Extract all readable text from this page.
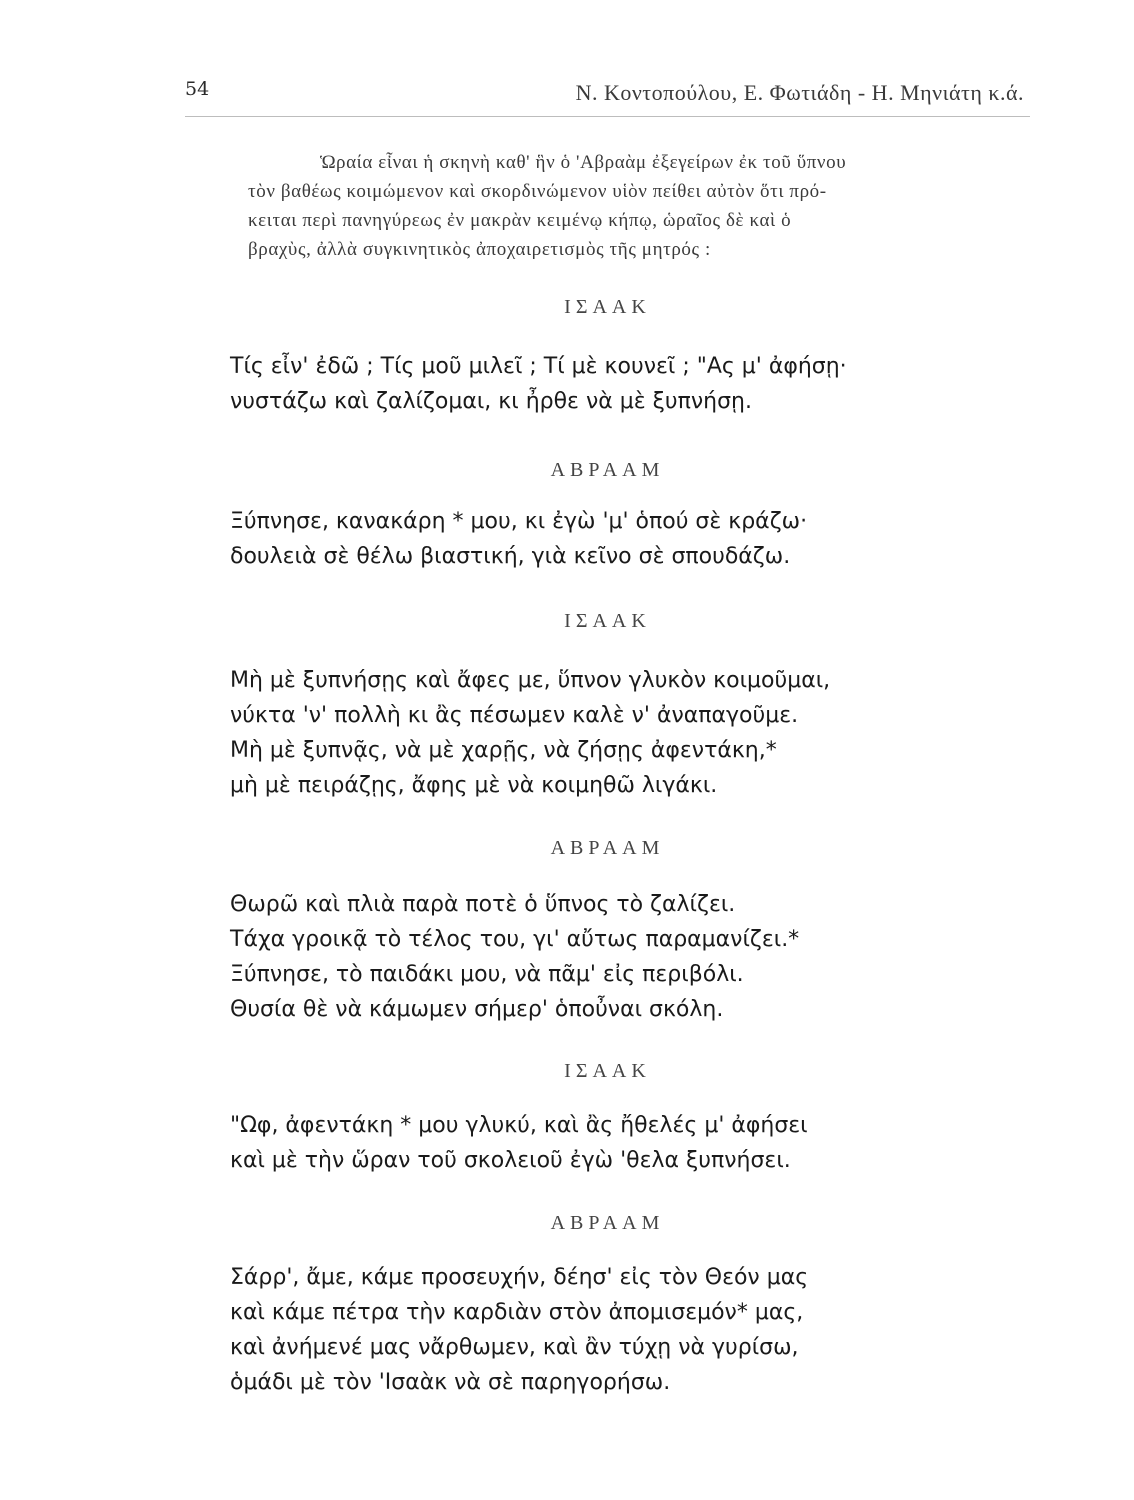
54	Ν. Κοντοπούλου, Ε. Φωτιάδη - Η. Μηνιάτη κ.ά.
Ὡραία εἶναι ἡ σκηνὴ καθ' ἣν ὁ 'Αβραὰμ ἐξεγείρων ἐκ τοῦ ὕπνου
τὸν βαθέως κοιμώμενον καὶ σκορδινώμενον υἱὸν πείθει αὐτὸν ὅτι πρό-
κειται περὶ πανηγύρεως ἐν μακρὰν κειμένῳ κήπῳ, ὡραῖος δὲ καὶ ὁ
βραχὺς, ἀλλὰ συγκινητικὸς ἀποχαιρετισμὸς τῆς μητρός :
ΙΣΑΑΚ
Τίς εἶν' ἐδῶ ; Τίς μοῦ μιλεῖ ; Τί μὲ κουνεῖ ; "Ας μ' ἀφήσῃ·
νυστάζω καὶ ζαλίζομαι, κι ἦρθε νὰ μὲ ξυπνήσῃ.
ΑΒΡΑΑΜ
Ξύπνησε, κανακάρη * μου, κι ἐγὼ 'μ' ὁπού σὲ κράζω·
δουλειὰ σὲ θέλω βιαστική, γιὰ κεῖνο σὲ σπουδάζω.
ΙΣΑΑΚ
Μὴ μὲ ξυπνήσῃς καὶ ἄφες με, ὕπνον γλυκὸν κοιμοῦμαι,
νύκτα 'ν' πολλὴ κι ἂς πέσωμεν καλὲ ν' ἀναπαγοῦμε.
Μὴ μὲ ξυπνᾷς, νὰ μὲ χαρῇς, νὰ ζήσῃς ἀφεντάκη,*
μὴ μὲ πειράζῃς, ἄφης μὲ νὰ κοιμηθῶ λιγάκι.
ΑΒΡΑΑΜ
Θωρῶ καὶ πλιὰ παρὰ ποτὲ ὁ ὕπνος τὸ ζαλίζει.
Τάχα γροικᾷ τὸ τέλος του, γι' αὔτως παραμανίζει.*
Ξύπνησε, τὸ παιδάκι μου, νὰ πᾶμ' εἰς περιβόλι.
Θυσία θὲ νὰ κάμωμεν σήμερ' ὁποὖναι σκόλη.
ΙΣΑΑΚ
"Ωφ, ἀφεντάκη * μου γλυκύ, καὶ ἂς ἤθελές μ' ἀφήσει
καὶ μὲ τὴν ὥραν τοῦ σκολειοῦ ἐγὼ 'θελα ξυπνήσει.
ΑΒΡΑΑΜ
Σάρρ', ἄμε, κάμε προσευχήν, δέησ' εἰς τὸν Θεόν μας
καὶ κάμε πέτρα τὴν καρδιὰν στὸν ἀπομισεμόν* μας,
καὶ ἀνήμενέ μας νἄρθωμεν, καὶ ἂν τύχῃ νὰ γυρίσω,
ὁμάδι μὲ τὸν 'Ισαὰκ νὰ σὲ παρηγορήσω.
